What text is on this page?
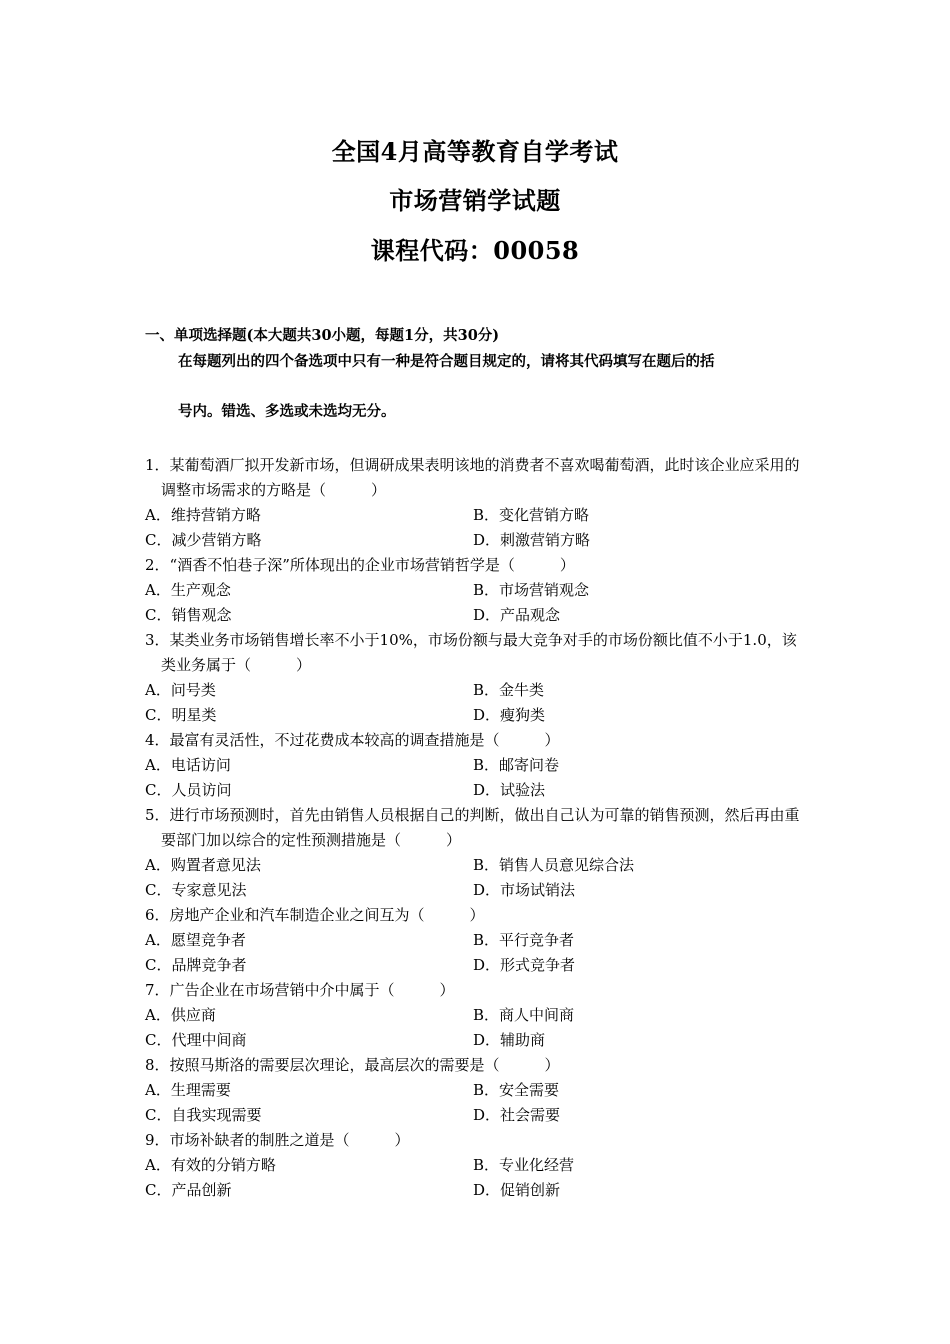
全国4月高等教育自学考试
市场营销学试题
课程代码：00058
一、单项选择题(本大题共30小题，每题1分，共30分)
在每题列出的四个备选项中只有一种是符合题目规定的，请将其代码填写在题后的括
号内。错选、多选或未选均无分。
1．某葡萄酒厂拟开发新市场，但调研成果表明该地的消费者不喜欢喝葡萄酒，此时该企业应采用的调整市场需求的方略是（　　　）
A．维持营销方略	B．变化营销方略
C．减少营销方略	D．刺激营销方略
2．“酒香不怕巷子深”所体现出的企业市场营销哲学是（　　　）
A．生产观念	B．市场营销观念
C．销售观念	D．产品观念
3．某类业务市场销售增长率不小于10%，市场份额与最大竞争对手的市场份额比值不小于1.0，该类业务属于（　　　）
A．问号类	B．金牛类
C．明星类	D．瘦狗类
4．最富有灵活性，不过花费成本较高的调查措施是（　　　）
A．电话访问	B．邮寄问卷
C．人员访问	D．试验法
5．进行市场预测时，首先由销售人员根据自己的判断，做出自己认为可靠的销售预测，然后再由重要部门加以综合的定性预测措施是（　　　）
A．购置者意见法	B．销售人员意见综合法
C．专家意见法	D．市场试销法
6．房地产企业和汽车制造企业之间互为（　　　）
A．愿望竞争者	B．平行竞争者
C．品牌竞争者	D．形式竞争者
7．广告企业在市场营销中介中属于（　　　）
A．供应商	B．商人中间商
C．代理中间商	D．辅助商
8．按照马斯洛的需要层次理论，最高层次的需要是（　　　）
A．生理需要	B．安全需要
C．自我实现需要	D．社会需要
9．市场补缺者的制胜之道是（　　　）
A．有效的分销方略	B．专业化经营
C．产品创新	D．促销创新
